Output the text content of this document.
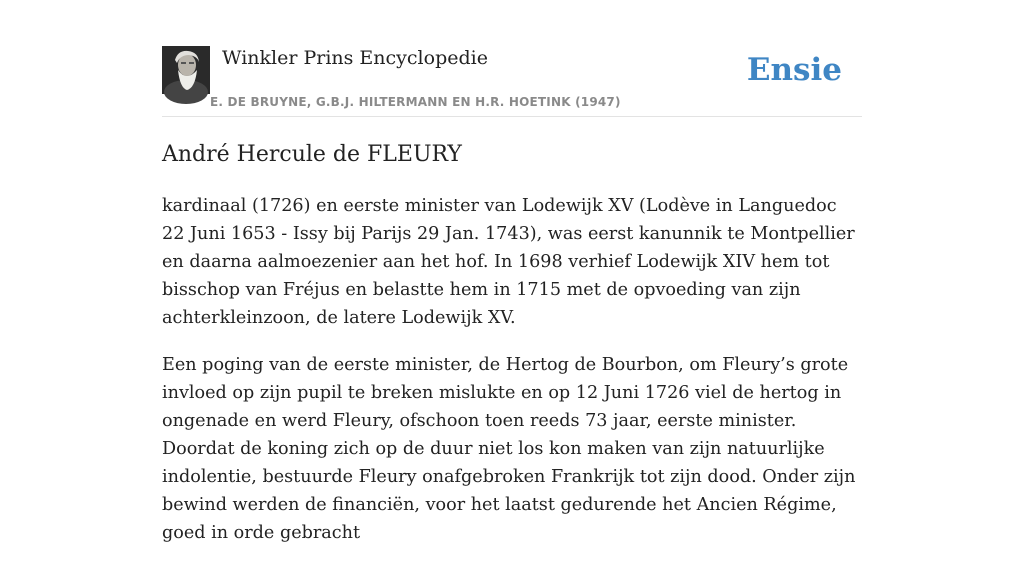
Winkler Prins Encyclopedie
E. DE BRUYNE, G.B.J. HILTERMANN EN H.R. HOETINK (1947)
Ensie
André Hercule de FLEURY

kardinaal (1726) en eerste minister van Lodewijk XV (Lodève in Languedoc 22 Juni 1653 - Issy bij Parijs 29 Jan. 1743), was eerst kanunnik te Montpellier en daarna aalmoezenier aan het hof. In 1698 verhief Lodewijk XIV hem tot bisschop van Fréjus en belastte hem in 1715 met de opvoeding van zijn achterkleinzoon, de latere Lodewijk XV.

Een poging van de eerste minister, de Hertog de Bourbon, om Fleury’s grote invloed op zijn pupil te breken mislukte en op 12 Juni 1726 viel de hertog in ongenade en werd Fleury, ofschoon toen reeds 73 jaar, eerste minister. Doordat de koning zich op de duur niet los kon maken van zijn natuurlijke indolentie, bestuurde Fleury onafgebroken Frankrijk tot zijn dood. Onder zijn bewind werden de financiën, voor het laatst gedurende het Ancien Régime, goed in orde gebracht
